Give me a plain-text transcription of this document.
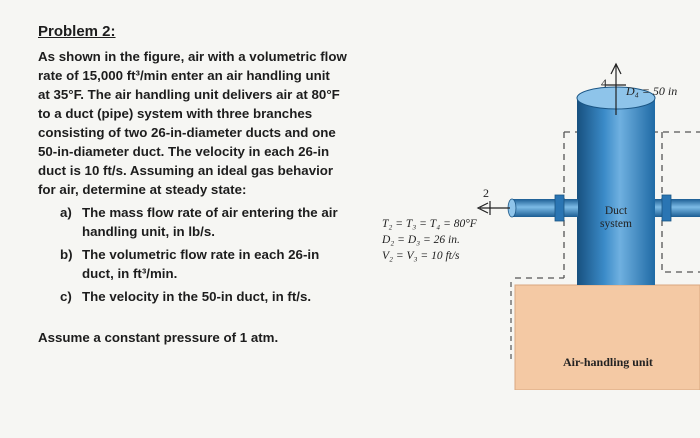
Problem 2:

As shown in the figure, air with a volumetric flow

rate of 15,000 ft³/min enter an air handling unit

at 35°F. The air handling unit delivers air at 80°F

to a duct (pipe) system with three branches

consisting of two 26-in-diameter ducts and one

50-in-diameter duct. The velocity in each 26-in

duct is 10 ft/s. Assuming an ideal gas behavior

for air, determine at steady state:

a) The mass flow rate of air entering the air
handling unit, in lb/s.
b) The volumetric flow rate in each 26-in
duct, in ft³/min.
c) The velocity in the 50-in duct, in ft/s.
Assume a constant pressure of 1 atm.
4
D₄ = 50 in
2
T₂ = T₃ = T₄ = 80°F
D₂ = D₃ = 26 in.
V₂ = V₃ = 10 ft/s
Duct
system
Air-handling unit
